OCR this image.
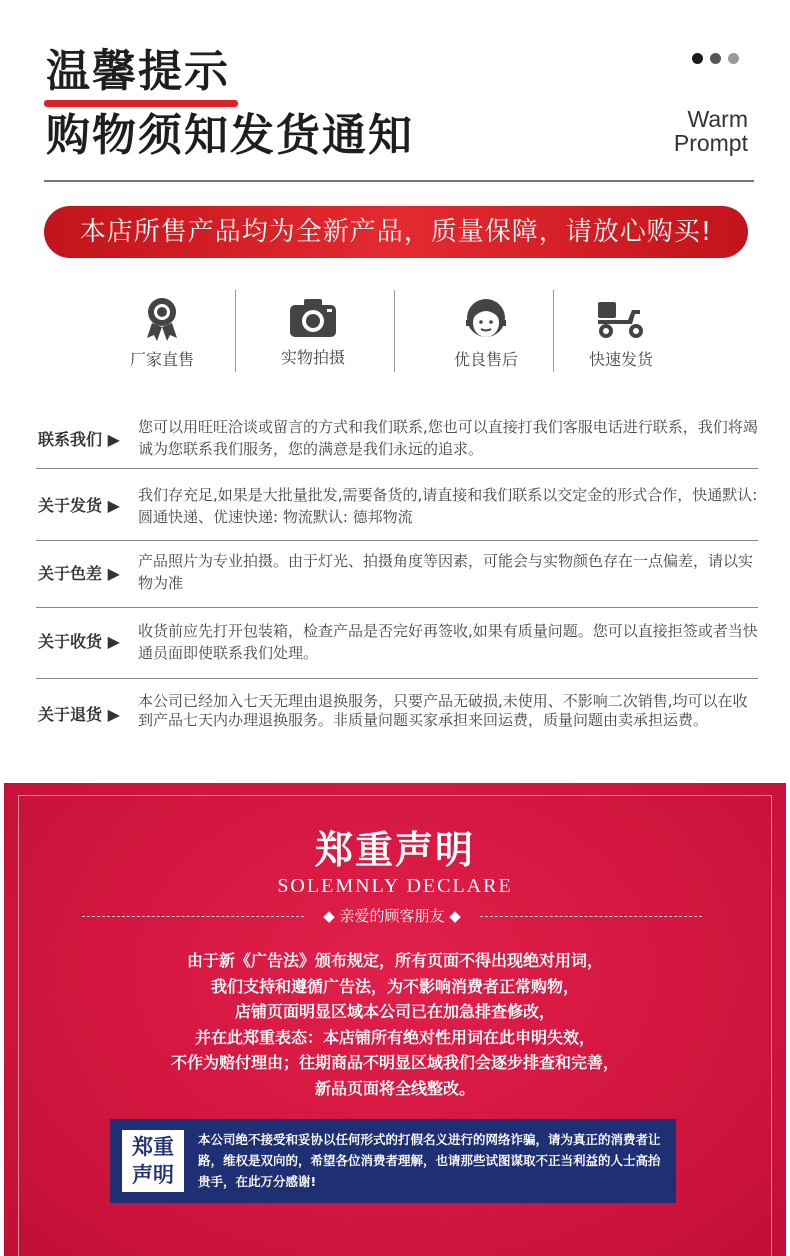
温馨提示
购物须知发货通知	Warm
Prompt
本店所售产品均为全新产品，质量保障，请放心购买!
厂家直售	实物拍摄	优良售后	快速发货
联系我们 ▶
您可以用旺旺洽谈或留言的方式和我们联系,您也可以直接打我们客服电话进行联系，我们将竭诚为您联系我们服务，您的满意是我们永远的追求。
关于发货 ▶
我们存充足,如果是大批量批发,需要备货的,请直接和我们联系以交定金的形式合作，快通默认: 圆通快递、优速快递: 物流默认: 德邦物流
关于色差 ▶
产品照片为专业拍摄。由于灯光、拍摄角度等因素，可能会与实物颜色存在一点偏差，请以实物为准
关于收货 ▶
收货前应先打开包装箱，检查产品是否完好再签收,如果有质量问题。您可以直接拒签或者当快通员面即使联系我们处理。
关于退货 ▶
本公司已经加入七天无理由退换服务，只要产品无破损,未使用、不影响二次销售,均可以在收到产品七天内办理退换服务。非质量问题买家承担来回运费，质量问题由卖承担运费。
郑重声明
SOLEMNLY DECLARE
◆ 亲爱的顾客朋友 ◆
由于新《广告法》颁布规定，所有页面不得出现绝对用词，
我们支持和遵循广告法，为不影响消费者正常购物，
店铺页面明显区域本公司已在加急排查修改，
并在此郑重表态：本店铺所有绝对性用词在此申明失效，
不作为赔付理由；往期商品不明显区域我们会逐步排查和完善，
新品页面将全线整改。
郑重
声明
本公司绝不接受和妥协以任何形式的打假名义进行的网络诈骗，请为真正的消费者让路，维权是双向的，希望各位消费者理解，也请那些试图谋取不正当利益的人士高抬贵手，在此万分感谢!
